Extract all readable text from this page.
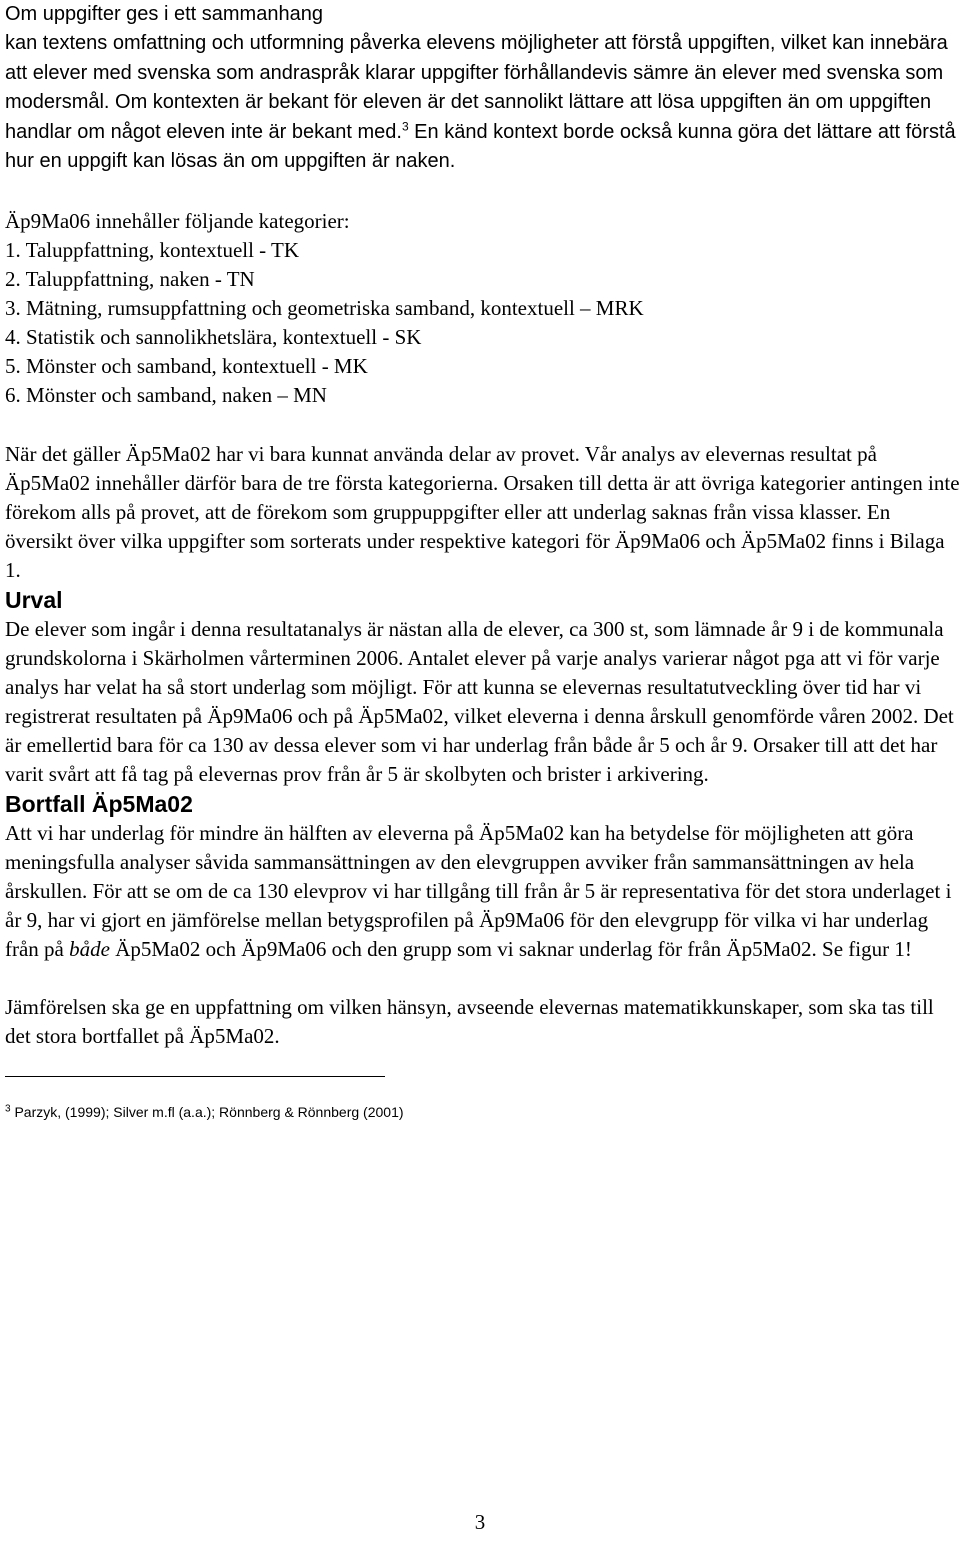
Om uppgifter ges i ett sammanhang

kan textens omfattning och utformning påverka elevens möjligheter att förstå uppgiften, vilket kan innebära att elever med svenska som andraspråk klarar uppgifter förhållandevis sämre än elever med svenska som modersmål. Om kontexten är bekant för eleven är det sannolikt lättare att lösa uppgiften än om uppgiften handlar om något eleven inte är bekant med.$^3$ En känd kontext borde också kunna göra det lättare att förstå hur en uppgift kan lösas än om uppgiften är naken.

Äp9Ma06 innehåller följande kategorier:

1. Taluppfattning, kontextuell - TK
2. Taluppfattning, naken - TN
3. Mätning, rumsuppfattning och geometriska samband, kontextuell – MRK
4. Statistik och sannolikhetslära, kontextuell - SK
5. Mönster och samband, kontextuell - MK
6. Mönster och samband, naken – MN

När det gäller Äp5Ma02 har vi bara kunnat använda delar av provet. Vår analys av elevernas resultat på Äp5Ma02 innehåller därför bara de tre första kategorierna. Orsaken till detta är att övriga kategorier antingen inte förekom alls på provet, att de förekom som gruppuppgifter eller att underlag saknas från vissa klasser. En översikt över vilka uppgifter som sorterats under respektive kategori för Äp9Ma06 och Äp5Ma02 finns i Bilaga 1.

Urval

De elever som ingår i denna resultatanalys är nästan alla de elever, ca 300 st, som lämnade år 9 i de kommunala grundskolorna i Skärholmen vårterminen 2006. Antalet elever på varje analys varierar något pga att vi för varje analys har velat ha så stort underlag som möjligt. För att kunna se elevernas resultatutveckling över tid har vi registrerat resultaten på Äp9Ma06 och på Äp5Ma02, vilket eleverna i denna årskull genomförde våren 2002. Det är emellertid bara för ca 130 av dessa elever som vi har underlag från både år 5 och år 9. Orsaker till att det har varit svårt att få tag på elevernas prov från år 5 är skolbyten och brister i arkivering.

Bortfall Äp5Ma02

Att vi har underlag för mindre än hälften av eleverna på Äp5Ma02 kan ha betydelse för möjligheten att göra meningsfulla analyser såvida sammansättningen av den elevgruppen avviker från sammansättningen av hela årskullen. För att se om de ca 130 elevprov vi har tillgång till från år 5 är representativa för det stora underlaget i år 9, har vi gjort en jämförelse mellan betygsprofilen på Äp9Ma06 för den elevgrupp för vilka vi har underlag från på både Äp5Ma02 och Äp9Ma06 och den grupp som vi saknar underlag för från Äp5Ma02. Se figur 1!

Jämförelsen ska ge en uppfattning om vilken hänsyn, avseende elevernas matematikkunskaper, som ska tas till det stora bortfallet på Äp5Ma02.

$^3$ Parzyk, (1999); Silver m.fl (a.a.); Rönnberg & Rönnberg (2001)

3
